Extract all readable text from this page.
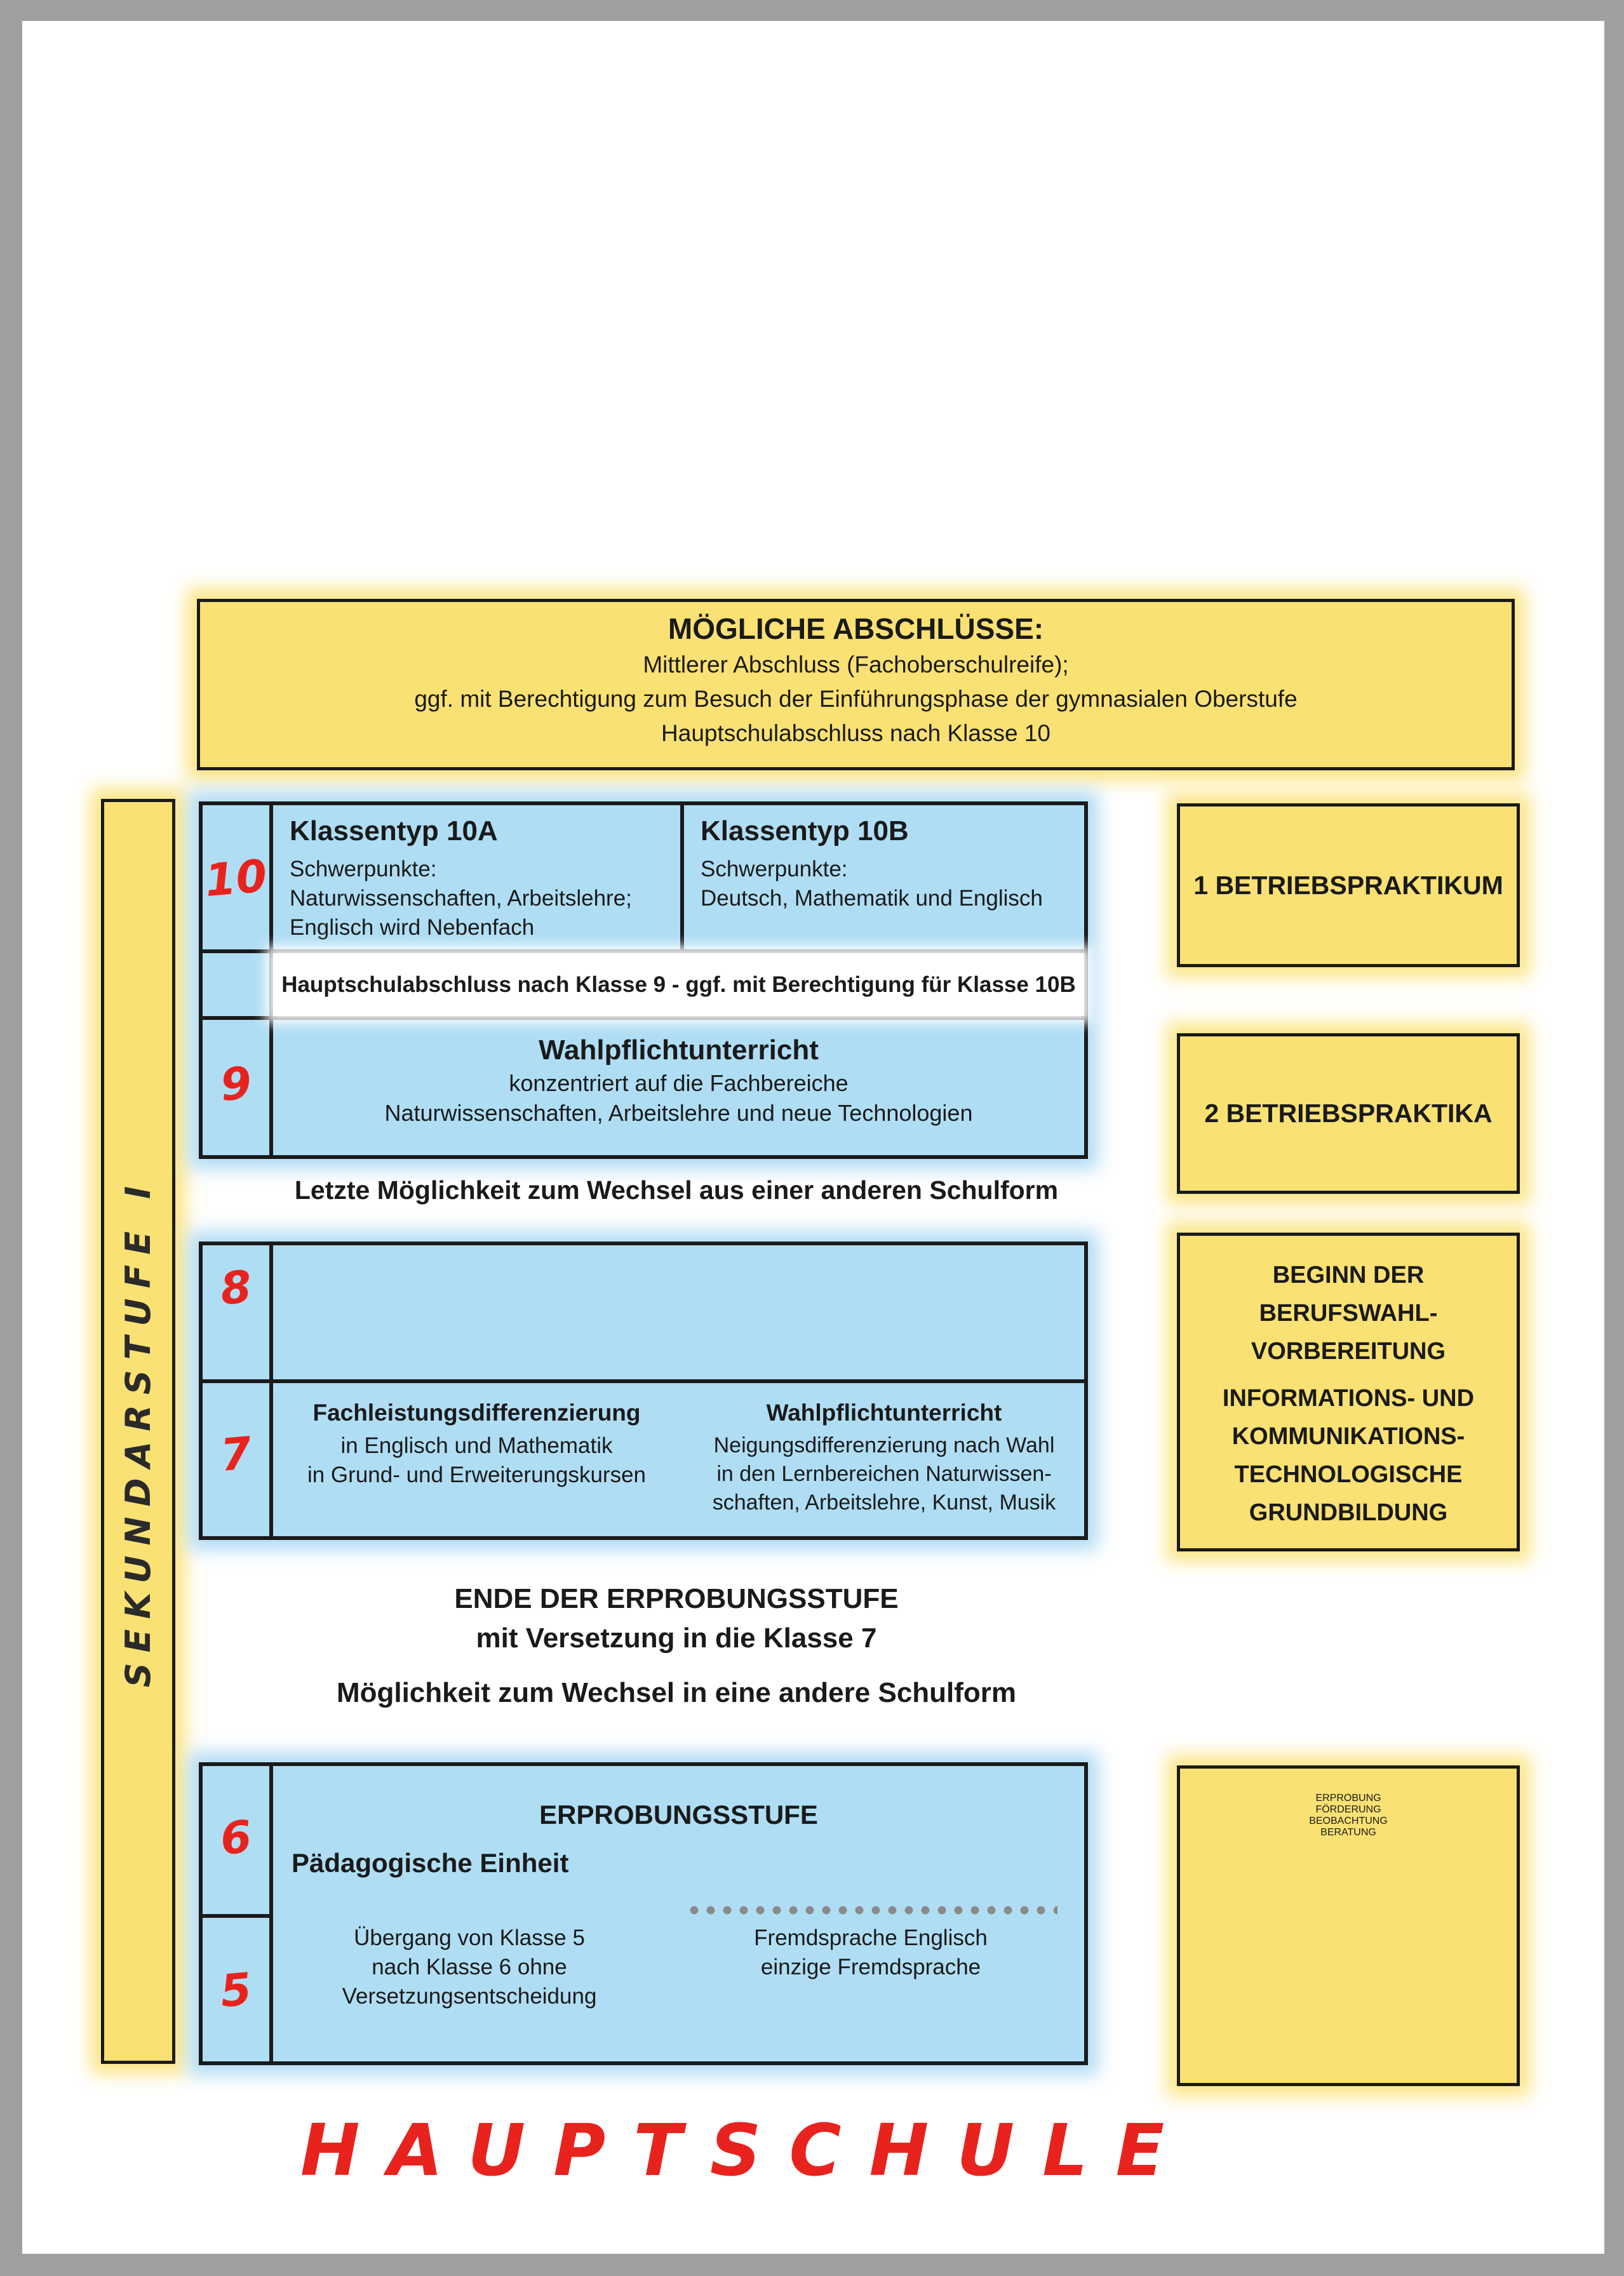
MÖGLICHE ABSCHLÜSSE:
Mittlerer Abschluss (Fachoberschulreife);
ggf. mit Berechtigung zum Besuch der Einführungsphase der gymnasialen Oberstufe
Hauptschulabschluss nach Klasse 10
SEKUNDARSTUFE I
10
Klassentyp 10A
Schwerpunkte:
Naturwissenschaften, Arbeitslehre;
Englisch wird Nebenfach
Klassentyp 10B
Schwerpunkte:
Deutsch, Mathematik und Englisch
Hauptschulabschluss nach Klasse 9 - ggf. mit Berechtigung für Klasse 10B
9
Wahlpflichtunterricht
konzentriert auf die Fachbereiche
Naturwissenschaften, Arbeitslehre und neue Technologien
Letzte Möglichkeit zum Wechsel aus einer anderen Schulform
8
7
Fachleistungsdifferenzierung
in Englisch und Mathematik
in Grund- und Erweiterungskursen
Wahlpflichtunterricht
Neigungsdifferenzierung nach Wahl
in den Lernbereichen Naturwissen-
schaften, Arbeitslehre, Kunst, Musik
ENDE DER ERPROBUNGSSTUFE
mit Versetzung in die Klasse 7
Möglichkeit zum Wechsel in eine andere Schulform
6
5
ERPROBUNGSSTUFE
Pädagogische Einheit
Übergang von Klasse 5
nach Klasse 6 ohne
Versetzungsentscheidung
Fremdsprache Englisch
einzige Fremdsprache
1 BETRIEBSPRAKTIKUM
2 BETRIEBSPRAKTIKA
BEGINN DER
BERUFSWAHL-
VORBEREITUNG
INFORMATIONS- UND
KOMMUNIKATIONS-
TECHNOLOGISCHE
GRUNDBILDUNG
ERPROBUNG
FÖRDERUNG
BEOBACHTUNG
BERATUNG
HAUPTSCHULE
